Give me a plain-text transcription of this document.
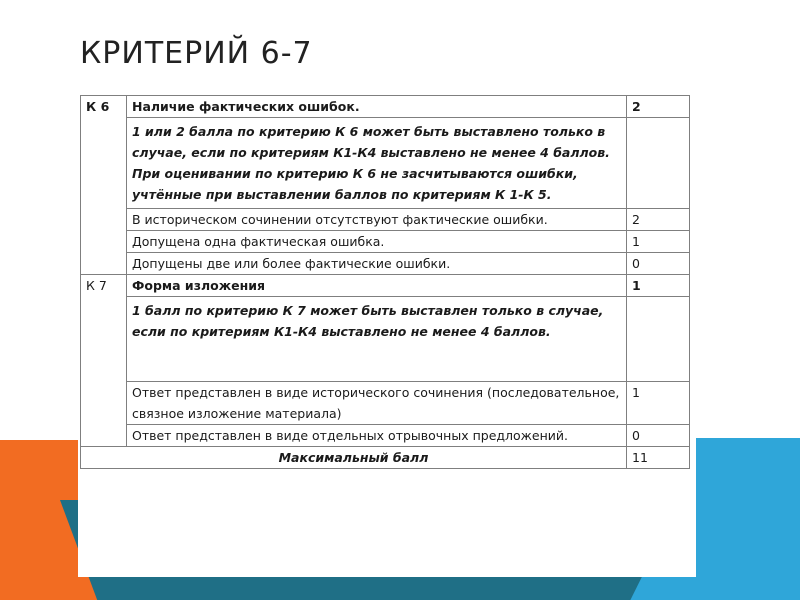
КРИТЕРИЙ 6-7
К 6	Наличие фактических ошибок.	2

	1 или 2 балла по критерию К 6 может быть выставлено только в случае, если по критериям К1-К4 выставлено не менее 4 баллов.
При оценивании по критерию К 6 не засчитываются ошибки, учтённые при выставлении баллов по критериям К 1-К 5.	

	В историческом сочинении отсутствуют фактические ошибки.	2
	Допущена одна фактическая ошибка.	1
	Допущены две или более фактические ошибки.	0
К 7	Форма изложения	1

	1 балл по критерию К 7 может быть выставлен только в случае, если по критериям К1-К4 выставлено не менее 4 баллов.	

	Ответ представлен в виде исторического сочинения (последовательное, связное изложение материала)	1
	Ответ представлен в виде отдельных отрывочных предложений.	0
Максимальный балл		11
